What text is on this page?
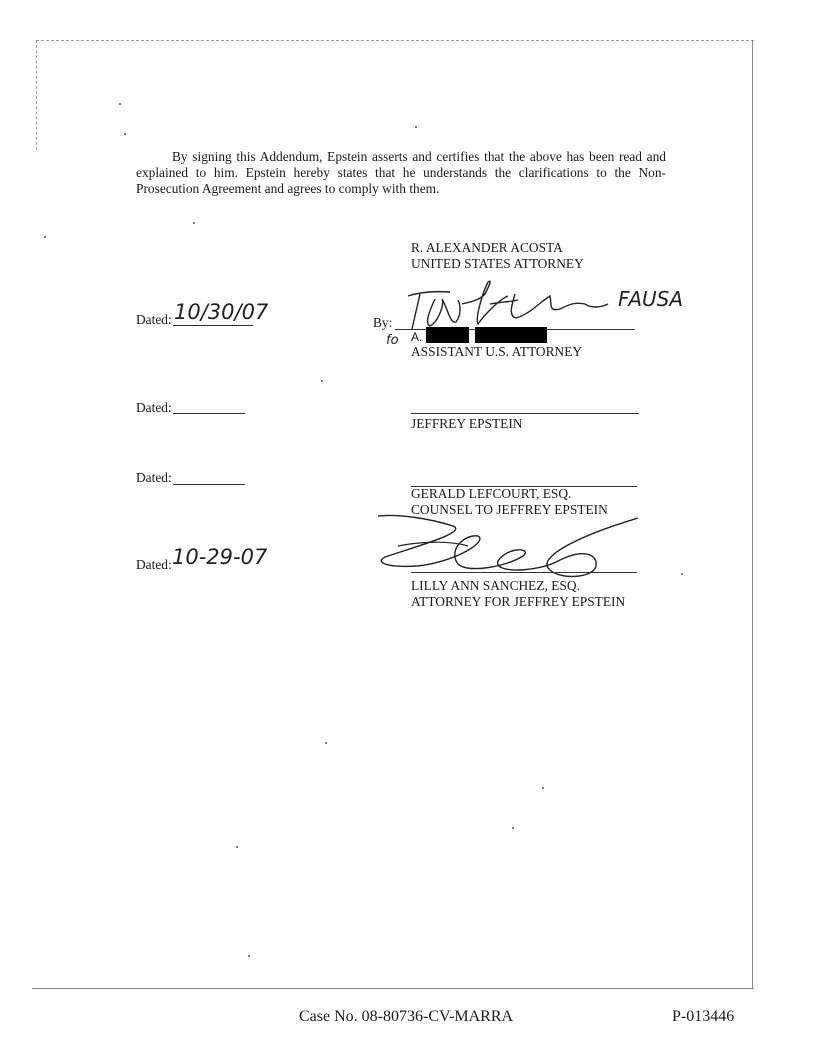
By signing this Addendum, Epstein asserts and certifies that the above has been read and explained to him. Epstein hereby states that he understands the clarifications to the Non-Prosecution Agreement and agrees to comply with them.

R. ALEXANDER ACOSTA
UNITED STATES ATTORNEY
Dated: 10/30/07	By:
FAUSA
fo A.
ASSISTANT U.S. ATTORNEY
Dated:
JEFFREY EPSTEIN
Dated:
GERALD LEFCOURT, ESQ.
COUNSEL TO JEFFREY EPSTEIN
Dated: 10-29-07
LILLY ANN SANCHEZ, ESQ.
ATTORNEY FOR JEFFREY EPSTEIN
Case No. 08-80736-CV-MARRA	P-013446
